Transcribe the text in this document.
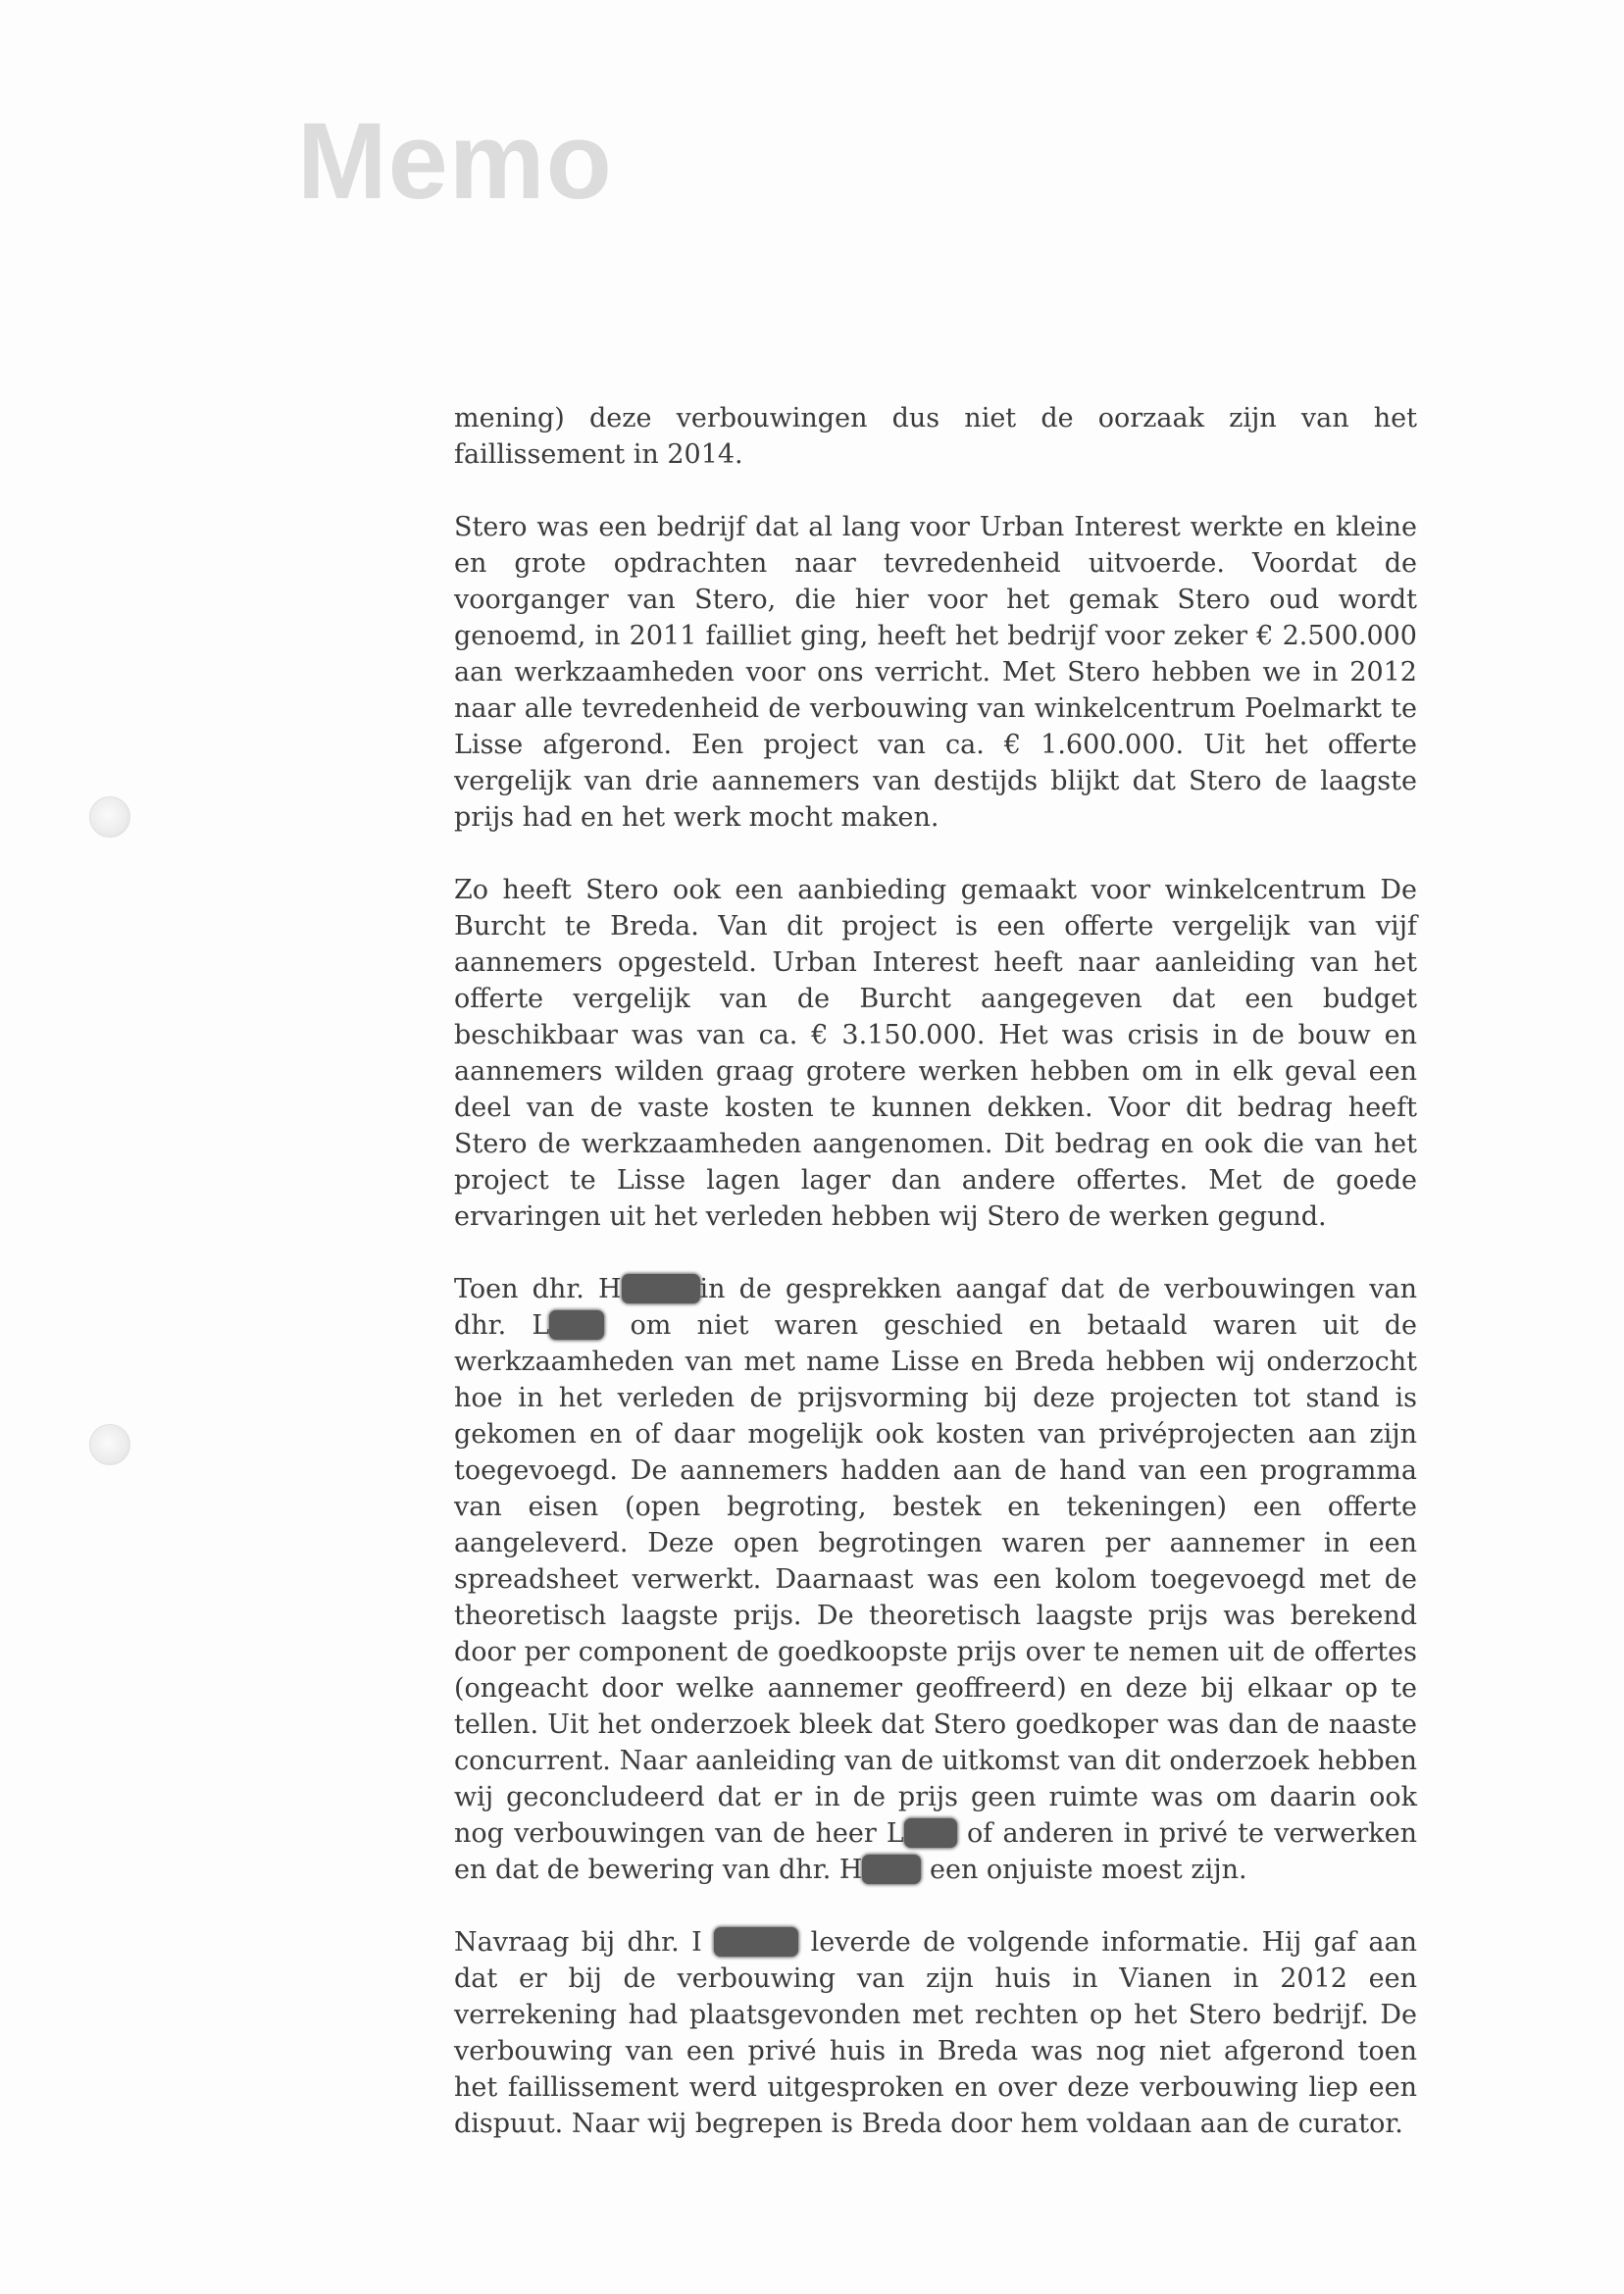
Memo

mening) deze verbouwingen dus niet de oorzaak zijn van het faillissement in 2014.

Stero was een bedrijf dat al lang voor Urban Interest werkte en kleine en grote opdrachten naar tevredenheid uitvoerde. Voordat de voorganger van Stero, die hier voor het gemak Stero oud wordt genoemd, in 2011 failliet ging, heeft het bedrijf voor zeker € 2.500.000 aan werkzaamheden voor ons verricht. Met Stero hebben we in 2012 naar alle tevredenheid de verbouwing van winkelcentrum Poelmarkt te Lisse afgerond. Een project van ca. € 1.600.000. Uit het offerte vergelijk van drie aannemers van destijds blijkt dat Stero de laagste prijs had en het werk mocht maken.

Zo heeft Stero ook een aanbieding gemaakt voor winkelcentrum De Burcht te Breda. Van dit project is een offerte vergelijk van vijf aannemers opgesteld. Urban Interest heeft naar aanleiding van het offerte vergelijk van de Burcht aangegeven dat een budget beschikbaar was van ca. € 3.150.000. Het was crisis in de bouw en aannemers wilden graag grotere werken hebben om in elk geval een deel van de vaste kosten te kunnen dekken. Voor dit bedrag heeft Stero de werkzaamheden aangenomen. Dit bedrag en ook die van het project te Lisse lagen lager dan andere offertes. Met de goede ervaringen uit het verleden hebben wij Stero de werken gegund.

Toen dhr. H	in de gesprekken aangaf dat de verbouwingen van dhr. L	om niet waren geschied en betaald waren uit de werkzaamheden van met name Lisse en Breda hebben wij onderzocht hoe in het verleden de prijsvorming bij deze projecten tot stand is gekomen en of daar mogelijk ook kosten van privéprojecten aan zijn toegevoegd. De aannemers hadden aan de hand van een programma van eisen (open begroting, bestek en tekeningen) een offerte aangeleverd. Deze open begrotingen waren per aannemer in een spreadsheet verwerkt. Daarnaast was een kolom toegevoegd met de theoretisch laagste prijs. De theoretisch laagste prijs was berekend door per component de goedkoopste prijs over te nemen uit de offertes (ongeacht door welke aannemer geoffreerd) en deze bij elkaar op te tellen. Uit het onderzoek bleek dat Stero goedkoper was dan de naaste concurrent. Naar aanleiding van de uitkomst van dit onderzoek hebben wij geconcludeerd dat er in de prijs geen ruimte was om daarin ook nog verbouwingen van de heer L of anderen in privé te verwerken en dat de bewering van dhr. H	een onjuiste moest zijn.

Navraag bij dhr. I	leverde de volgende informatie. Hij gaf aan dat er bij de verbouwing van zijn huis in Vianen in 2012 een verrekening had plaatsgevonden met rechten op het Stero bedrijf. De verbouwing van een privé huis in Breda was nog niet afgerond toen het faillissement werd uitgesproken en over deze verbouwing liep een dispuut. Naar wij begrepen is Breda door hem voldaan aan de curator.
